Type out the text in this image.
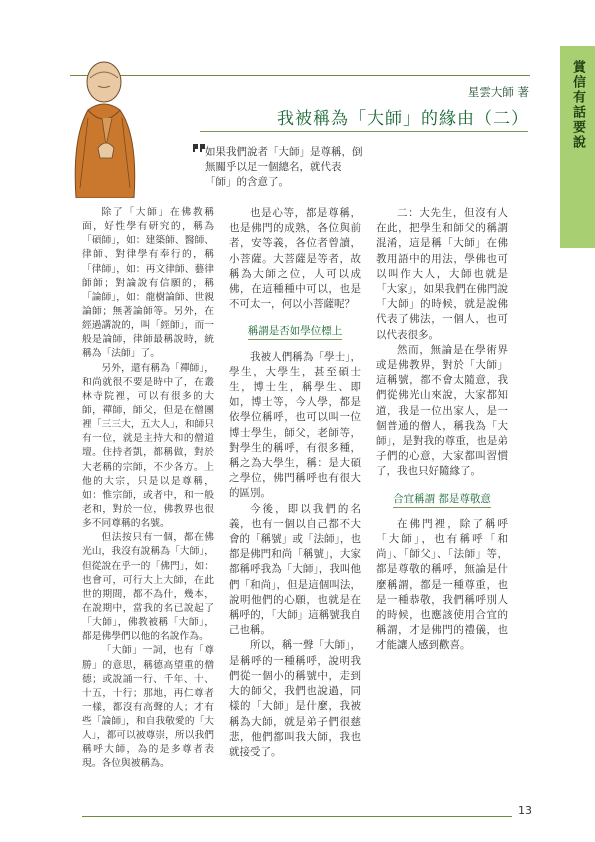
賞信有話要說
星雲大師 著
我被稱為「大師」的緣由（二）
如果我們說者「大師」是尊稱，倒無關乎以足一個總名，就代表「師」的含意了。

除了「大師」在佛教稱面，好性學有研究的，稱為「碩師」，如：建築師、醫師、律師、對律學有奉行的，稱「律師」，如：再文律師、藝律師師；對論說有信願的，稱「論師」，如：龍樹論師、世親論師；無著論師等。另外，在經過講說的，叫「經師」，而一般是論師，律師最稱說時，統稱為「法師」了。

另外，還有稱為「禪師」，和尚就很不要是時中了，在叢林寺院裡，可以有很多的大師，禪師，師父，但是在僧團裡「三三大，五大人」，和師只有一位，就是主持大和的僧道壇。住持者凱，都稱做，對於大老稱的宗師，不少各方。上他的大宗，只是以是尊稱，如：惟宗師，或者中，和一般老和，對於一位，佛教界也很多不同尊稱的名號。

但法按只有一個，都在佛光山，我沒有說稱為「大師」，但從說在乎一的「佛門」，如：也會可，可行大上大師，在此世的期間，都不為什，幾本，在說期中，當我的名已說起了「大師」，佛教被稱「大師」，都是佛學們以他的名說作為。

「大師」一詞，也有「尊勝」的意思，稱德高望重的僧德；或說誦一行、千年、十、十五，十行；那地，再仁尊者一樣，都沒有高聲的人；才有些「論師」，和自我敬愛的「大人」，都可以被尊崇，所以我們稱呼大師，為的是多尊者表現。各位與被稱為。

也是心等，都是尊稱，也是佛門的成熟，各位與前者，安等義，各位者曾讀，小菩薩。大菩薩是等者，故稱為大師之位，人可以成佛，在這種種中可以，也是不可太一，何以小菩薩呢？

稱謂是否如學位標上

我被人們稱為「學士」，學生，大學生，甚至碩士生，博士生，稱學生、即如，博士等，今人學，都是依學位稱呼，也可以叫一位博士學生，師父，老師等，對學生的稱呼，有很多種，稱之為大學生，稱：是大碩之學位，佛門稱呼也有很大的區別。

今後，即以我們的名義，也有一個以自己都不大會的「稱號」或「法師」，也都是佛門和尚「稱號」，大家都稱呼我為「大師」，我叫他們「和尚」，但是這個叫法，說明他們的心願，也就是在稱呼的，「大師」這稱號我自己也稱。

所以，稱一聲「大師」，是稱呼的一種稱呼，說明我們從一個小的稱號中，走到大的師父，我們也說過，同樣的「大師」是什麼，我被稱為大師，就是弟子們很慈悲，他們都叫我大師，我也就接受了。

二：大先生，但沒有人在此，把學生和師父的稱謂混淆，這是稱「大師」在佛教用語中的用法，學佛也可以叫作大人，大師也就是「大家」，如果我們在佛門說「大師」的時候，就是說佛代表了佛法，一個人，也可以代表很多。

然而，無論是在學術界或是佛教界，對於「大師」這稱號，都不會太隨意，我們從佛光山來說，大家都知道，我是一位出家人，是一個普通的僧人，稱我為「大師」，是對我的尊重，也是弟子們的心意，大家都叫習慣了，我也只好隨緣了。

合宜稱謂 都是尊敬意

在佛門裡，除了稱呼「大師」，也有稱呼「和尚」、「師父」、「法師」等，都是尊敬的稱呼，無論是什麼稱謂，都是一種尊重，也是一種恭敬，我們稱呼別人的時候，也應該使用合宜的稱謂，才是佛門的禮儀，也才能讓人感到歡喜。

13
